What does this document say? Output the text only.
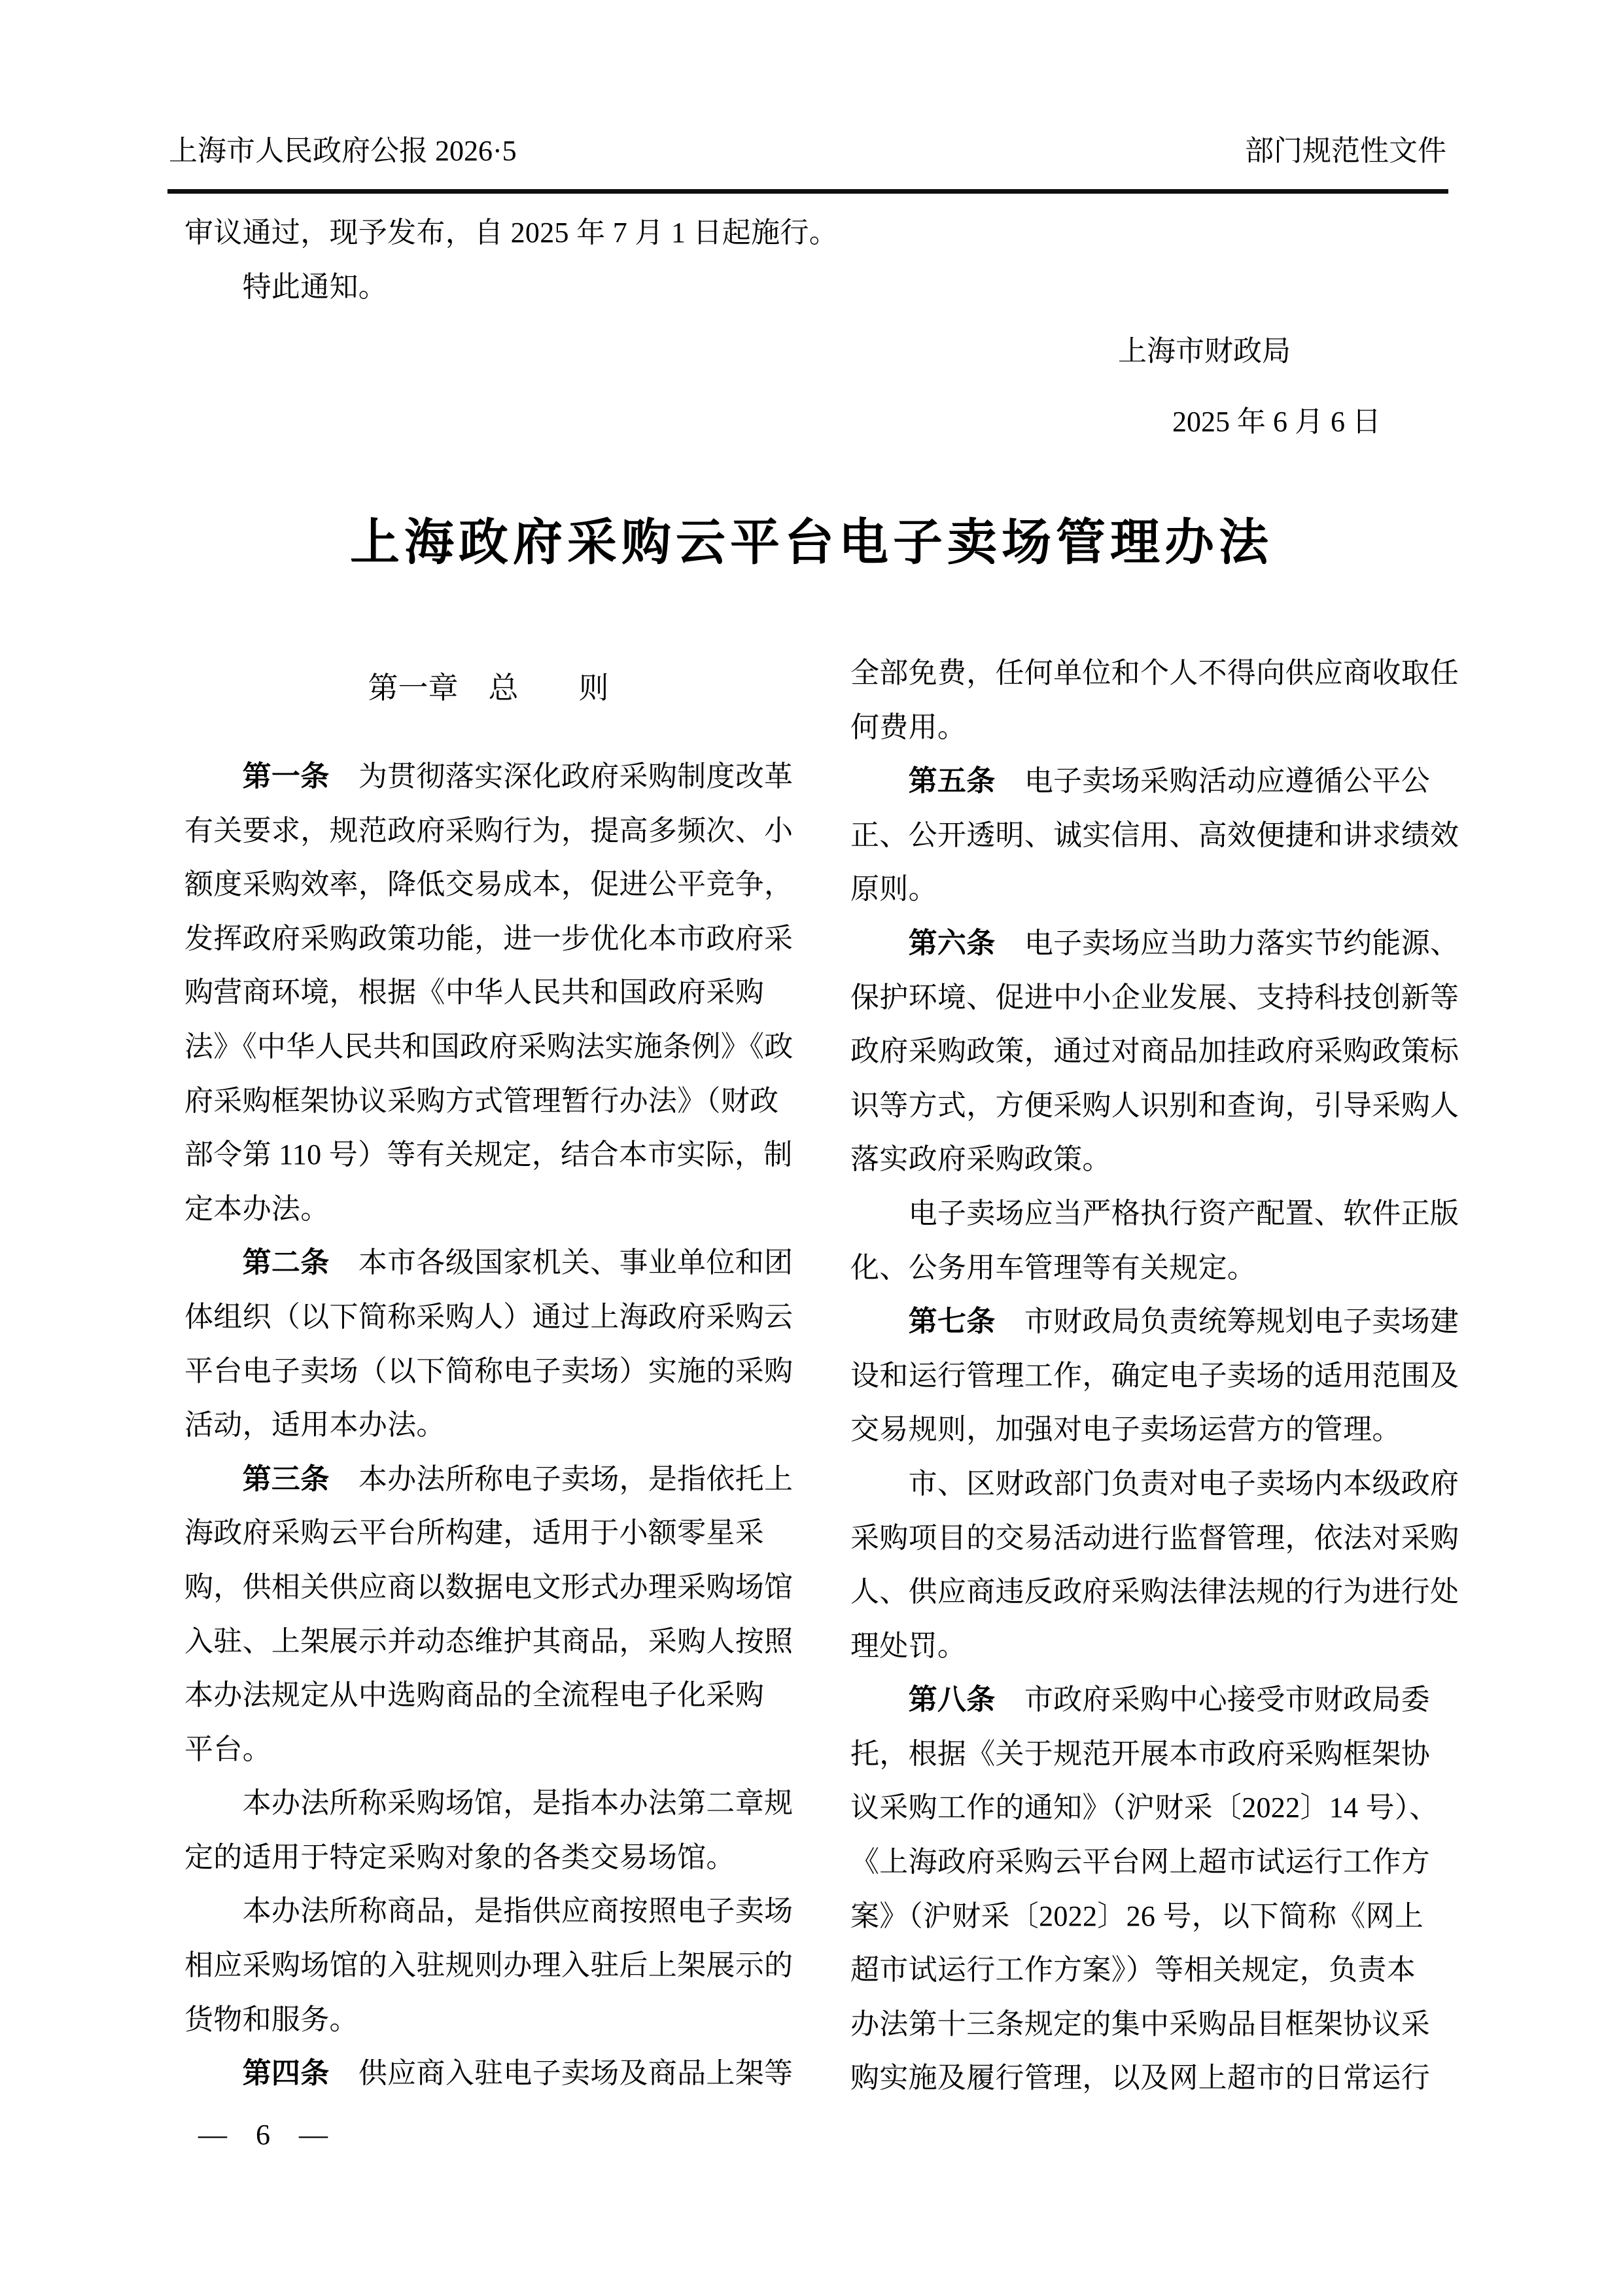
上海市人民政府公报 2026·5	部门规范性文件
审议通过，现予发布，自 2025 年 7 月 1 日起施行。
　　特此通知。
上海市财政局
2025 年 6 月 6 日
上海政府采购云平台电子卖场管理办法
第一章　总　　则
　　第一条　为贯彻落实深化政府采购制度改革
有关要求，规范政府采购行为，提高多频次、小
额度采购效率，降低交易成本，促进公平竞争，
发挥政府采购政策功能，进一步优化本市政府采
购营商环境，根据《中华人民共和国政府采购
法》《中华人民共和国政府采购法实施条例》《政
府采购框架协议采购方式管理暂行办法》（财政
部令第 110 号）等有关规定，结合本市实际，制
定本办法。
　　第二条　本市各级国家机关、事业单位和团
体组织（以下简称采购人）通过上海政府采购云
平台电子卖场（以下简称电子卖场）实施的采购
活动，适用本办法。
　　第三条　本办法所称电子卖场，是指依托上
海政府采购云平台所构建，适用于小额零星采
购，供相关供应商以数据电文形式办理采购场馆
入驻、上架展示并动态维护其商品，采购人按照
本办法规定从中选购商品的全流程电子化采购
平台。
　　本办法所称采购场馆，是指本办法第二章规
定的适用于特定采购对象的各类交易场馆。
　　本办法所称商品，是指供应商按照电子卖场
相应采购场馆的入驻规则办理入驻后上架展示的
货物和服务。
　　第四条　供应商入驻电子卖场及商品上架等
全部免费，任何单位和个人不得向供应商收取任
何费用。
　　第五条　电子卖场采购活动应遵循公平公
正、公开透明、诚实信用、高效便捷和讲求绩效
原则。
　　第六条　电子卖场应当助力落实节约能源、
保护环境、促进中小企业发展、支持科技创新等
政府采购政策，通过对商品加挂政府采购政策标
识等方式，方便采购人识别和查询，引导采购人
落实政府采购政策。
　　电子卖场应当严格执行资产配置、软件正版
化、公务用车管理等有关规定。
　　第七条　市财政局负责统筹规划电子卖场建
设和运行管理工作，确定电子卖场的适用范围及
交易规则，加强对电子卖场运营方的管理。
　　市、区财政部门负责对电子卖场内本级政府
采购项目的交易活动进行监督管理，依法对采购
人、供应商违反政府采购法律法规的行为进行处
理处罚。
　　第八条　市政府采购中心接受市财政局委
托，根据《关于规范开展本市政府采购框架协
议采购工作的通知》（沪财采〔2022〕14 号）、
《上海政府采购云平台网上超市试运行工作方
案》（沪财采〔2022〕26 号，以下简称《网上
超市试运行工作方案》）等相关规定，负责本
办法第十三条规定的集中采购品目框架协议采
购实施及履行管理，以及网上超市的日常运行
—　6　—
